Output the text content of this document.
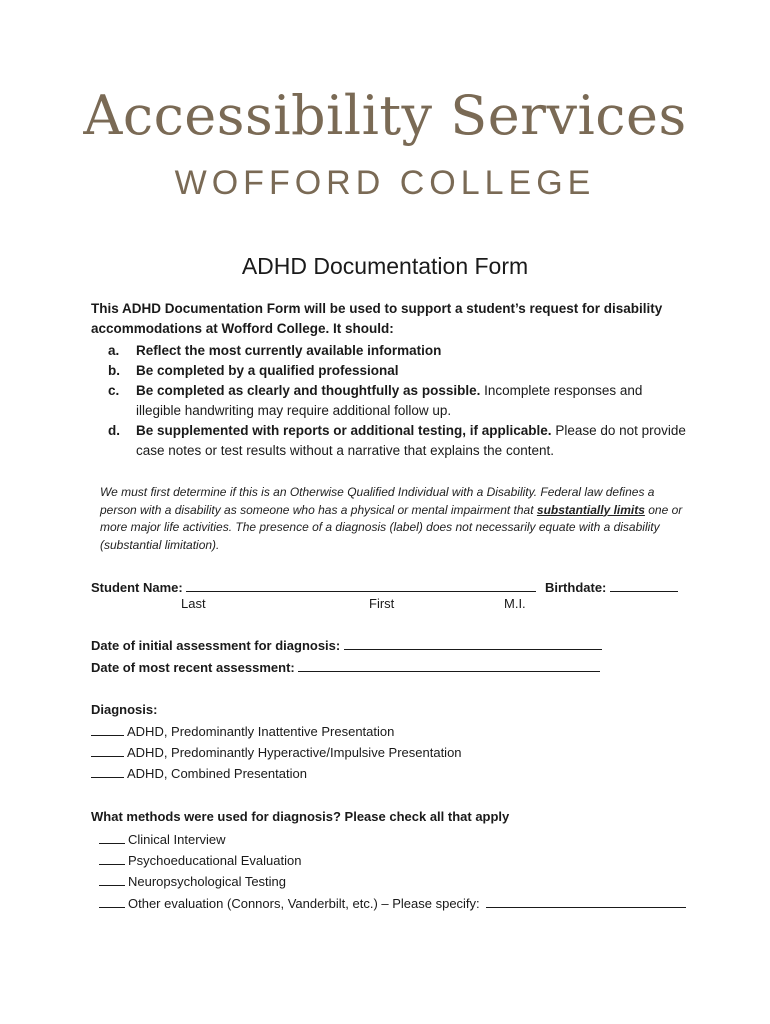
Accessibility Services
WOFFORD COLLEGE
ADHD Documentation Form
This ADHD Documentation Form will be used to support a student’s request for disability accommodations at Wofford College. It should:
a. Reflect the most currently available information
b. Be completed by a qualified professional
c. Be completed as clearly and thoughtfully as possible. Incomplete responses and illegible handwriting may require additional follow up.
d. Be supplemented with reports or additional testing, if applicable. Please do not provide case notes or test results without a narrative that explains the content.
We must first determine if this is an Otherwise Qualified Individual with a Disability. Federal law defines a person with a disability as someone who has a physical or mental impairment that substantially limits one or more major life activities. The presence of a diagnosis (label) does not necessarily equate with a disability (substantial limitation).
Student Name:	Birthdate:
Last	First	M.I.
Date of initial assessment for diagnosis:
Date of most recent assessment:
Diagnosis:
ADHD, Predominantly Inattentive Presentation
ADHD, Predominantly Hyperactive/Impulsive Presentation
ADHD, Combined Presentation
What methods were used for diagnosis? Please check all that apply
Clinical Interview
Psychoeducational Evaluation
Neuropsychological Testing
Other evaluation (Connors, Vanderbilt, etc.) – Please specify:
